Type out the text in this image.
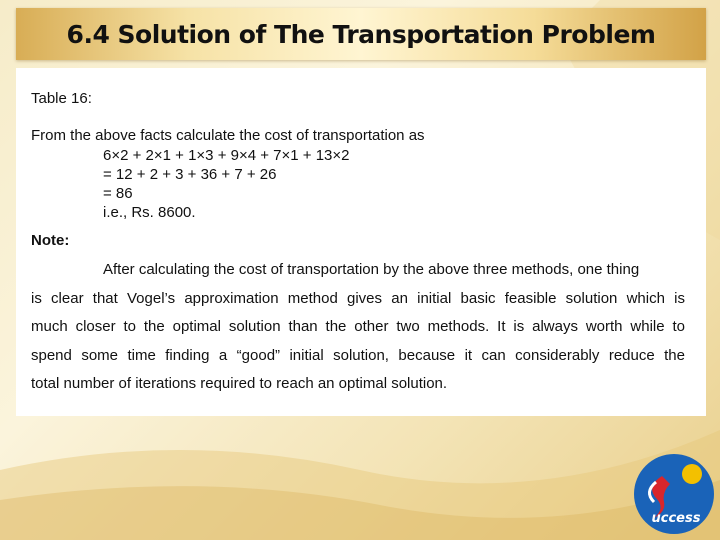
6.4 Solution of The Transportation Problem
Table 16:
From the above facts calculate the cost of transportation as
6×2 + 2×1 + 1×3 + 9×4 + 7×1 + 13×2
= 12 + 2 + 3 + 36 + 7 + 26
= 86
i.e., Rs. 8600.
Note:
After calculating the cost of transportation by the above three methods, one thing
is clear that Vogel’s approximation method gives an initial basic feasible solution which is
much closer to the optimal solution than the other two methods. It is always worth while to
spend some time finding a “good” initial solution, because it can considerably reduce the
total number of iterations required to reach an optimal solution.
uccess
